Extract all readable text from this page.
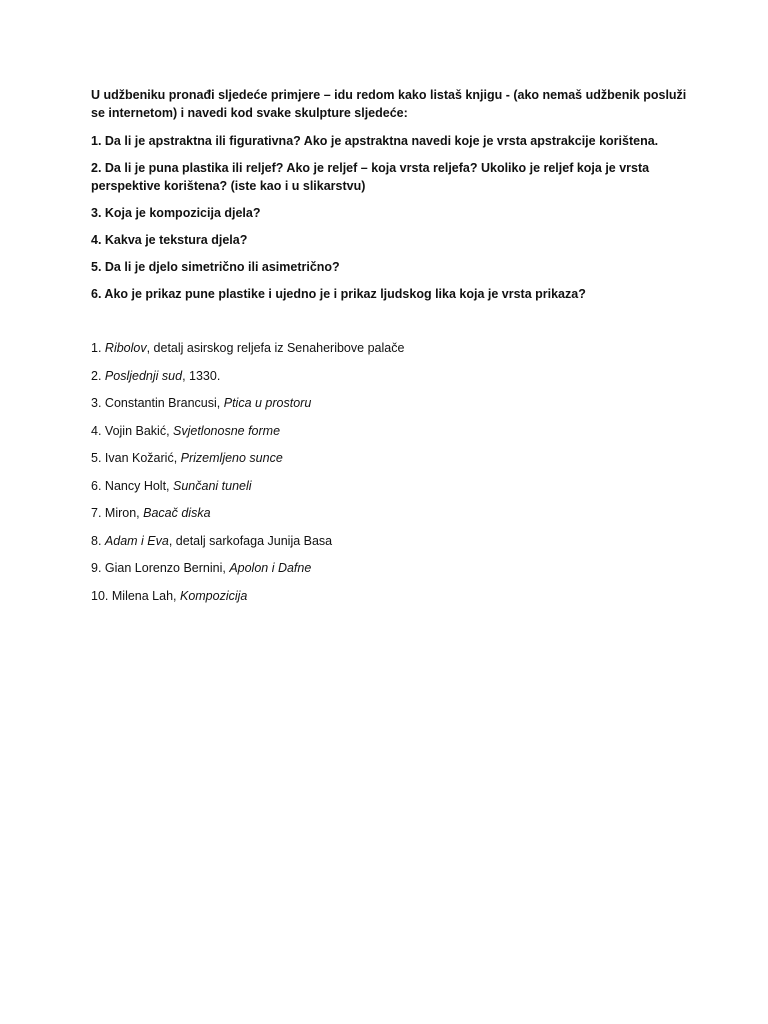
U udžbeniku pronađi sljedeće primjere – idu redom kako listaš knjigu - (ako nemaš udžbenik posluži se internetom) i navedi kod svake skulpture sljedeće:

1. Da li je apstraktna ili figurativna? Ako je apstraktna navedi koje je vrsta apstrakcije korištena.

2. Da li je puna plastika ili reljef? Ako je reljef – koja vrsta reljefa? Ukoliko je reljef koja je vrsta perspektive korištena? (iste kao i u slikarstvu)

3. Koja je kompozicija djela?

4. Kakva je tekstura djela?

5. Da li je djelo simetrično ili asimetrično?

6. Ako je prikaz pune plastike i ujedno je i prikaz ljudskog lika koja je vrsta prikaza?

1. Ribolov, detalj asirskog reljefa iz Senaheribove palače

2. Posljednji sud, 1330.

3. Constantin Brancusi, Ptica u prostoru

4. Vojin Bakić, Svjetlonosne forme

5. Ivan Kožarić, Prizemljeno sunce

6. Nancy Holt, Sunčani tuneli

7. Miron, Bacač diska

8. Adam i Eva, detalj sarkofaga Junija Basa

9. Gian Lorenzo Bernini, Apolon i Dafne

10. Milena Lah, Kompozicija
